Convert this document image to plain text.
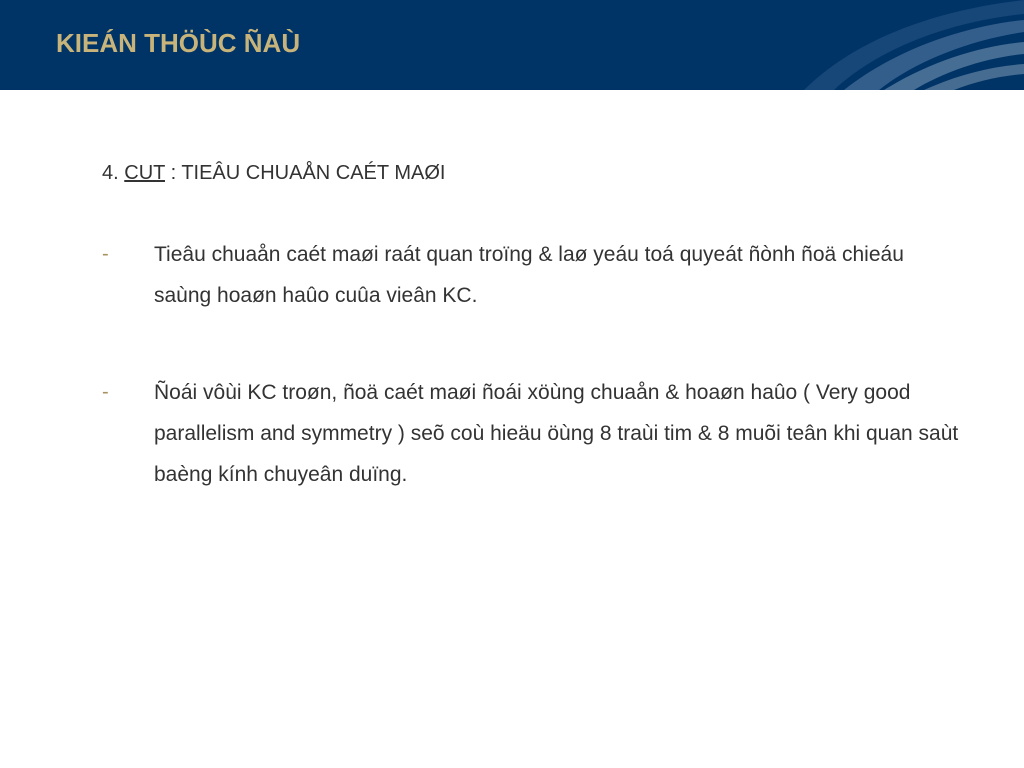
KIEÁN THÖÙC ÑAÙ
4. CUT : TIEÂU CHUAÅN CAÉT MAØI
- Tieâu chuaån caét maøi raát quan troïng & laø yeáu toá quyeát ñònh ñoä chieáu saùng hoaøn haûo cuûa vieân KC.

- Ñoái vôùi KC troøn, ñoä caét maøi ñoái xöùng chuaån & hoaøn haûo ( Very good parallelism and symmetry ) seõ coù hieäu öùng 8 traùi tim & 8 muõi teân khi quan saùt baèng kính chuyeân duïng.
